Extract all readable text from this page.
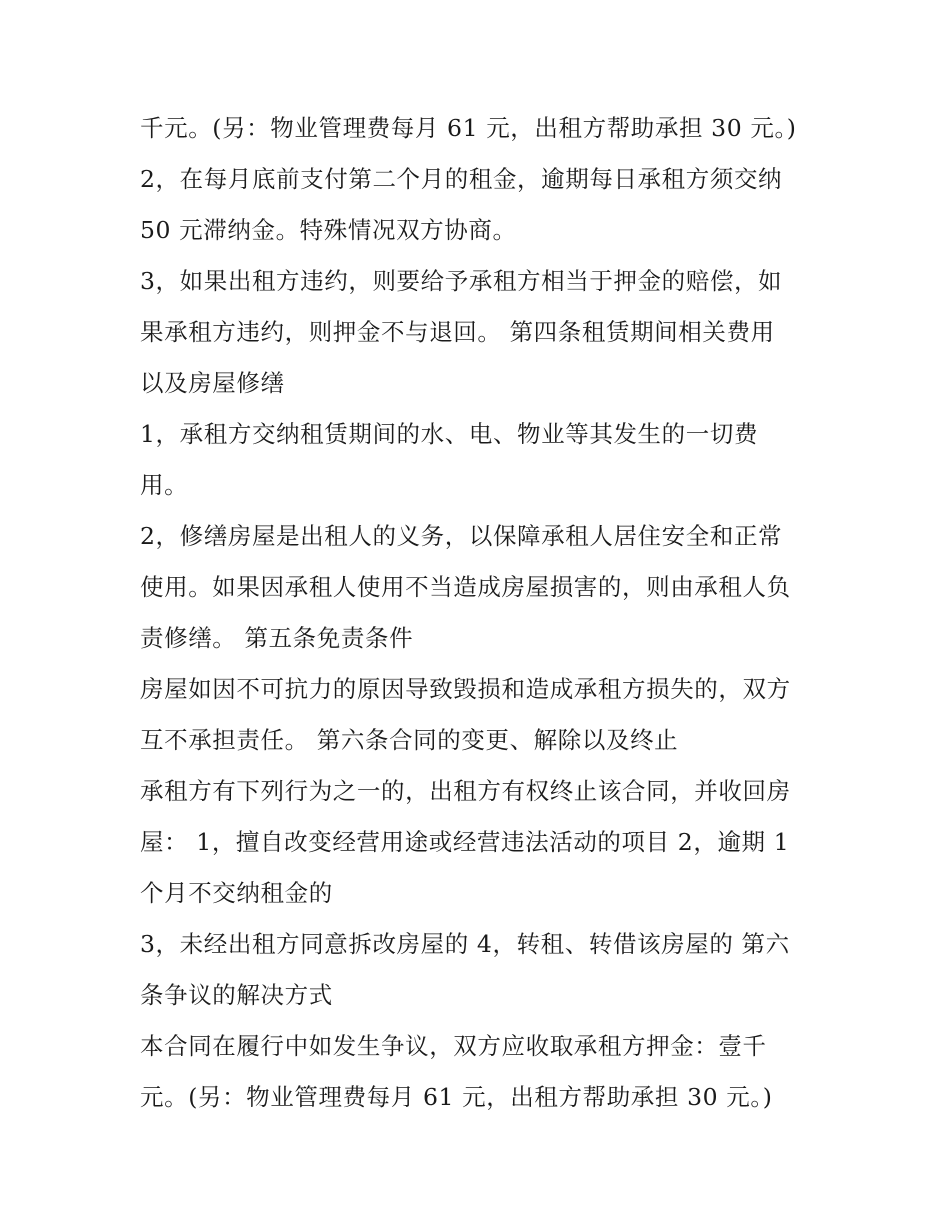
千元。(另：物业管理费每月 61 元，出租方帮助承担 30 元。)
2，在每月底前支付第二个月的租金，逾期每日承租方须交纳
50 元滞纳金。特殊情况双方协商。
3，如果出租方违约，则要给予承租方相当于押金的赔偿，如
果承租方违约，则押金不与退回。 第四条租赁期间相关费用
以及房屋修缮
1，承租方交纳租赁期间的水、电、物业等其发生的一切费
用。
2，修缮房屋是出租人的义务，以保障承租人居住安全和正常
使用。如果因承租人使用不当造成房屋损害的，则由承租人负
责修缮。 第五条免责条件
房屋如因不可抗力的原因导致毁损和造成承租方损失的，双方
互不承担责任。 第六条合同的变更、解除以及终止
承租方有下列行为之一的，出租方有权终止该合同，并收回房
屋： 1，擅自改变经营用途或经营违法活动的项目 2，逾期 1
个月不交纳租金的
3，未经出租方同意拆改房屋的 4，转租、转借该房屋的 第六
条争议的解决方式
本合同在履行中如发生争议，双方应收取承租方押金：壹千
元。(另：物业管理费每月 61 元，出租方帮助承担 30 元。)
